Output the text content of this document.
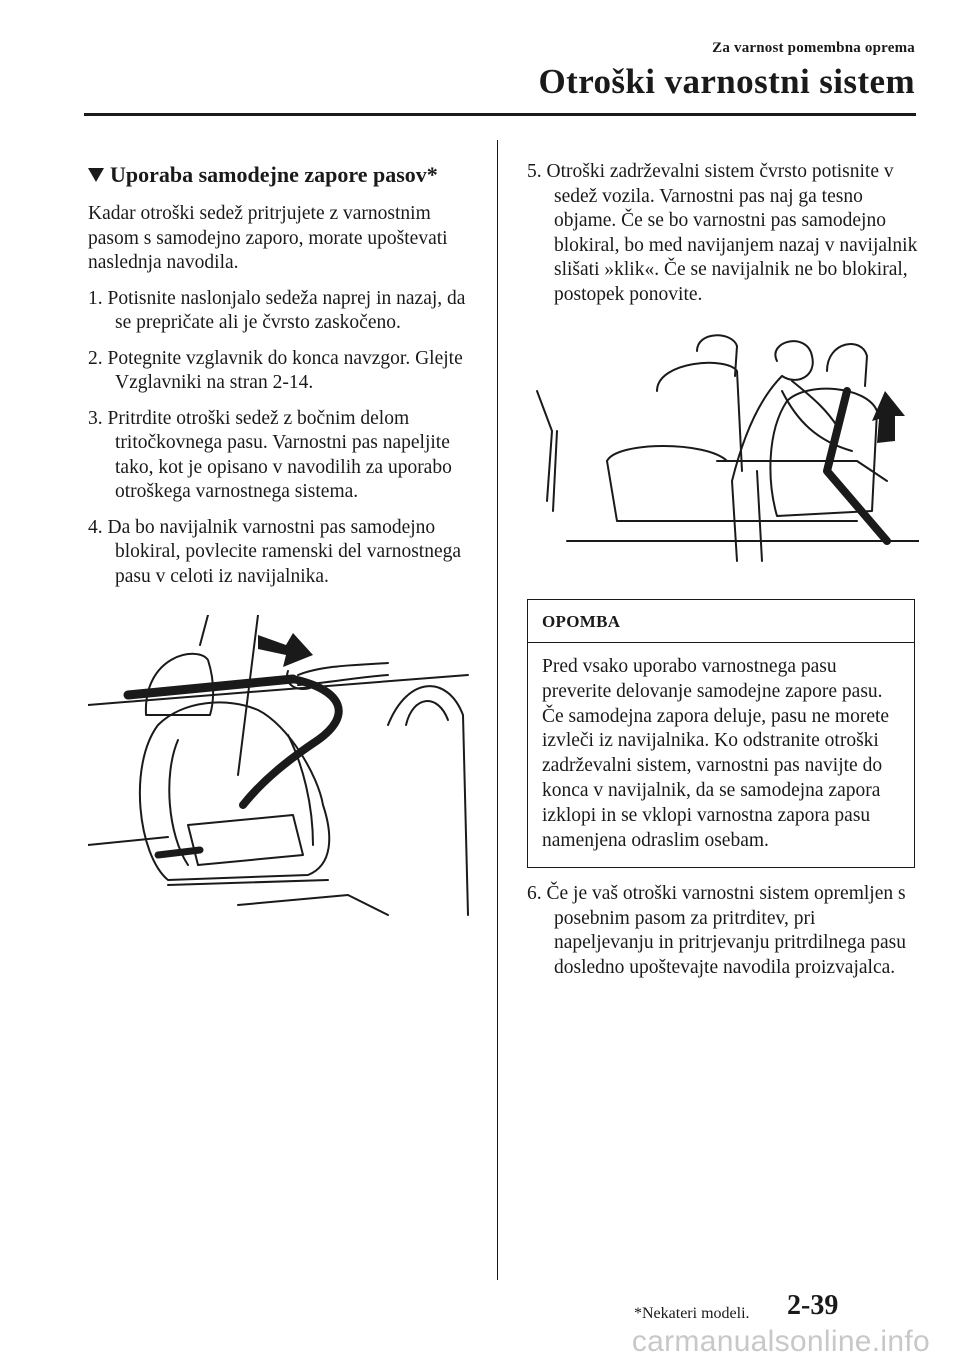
Za varnost pomembna oprema
Otroški varnostni sistem
Uporaba samodejne zapore pasov*

Kadar otroški sedež pritrjujete z varnostnim pasom s samodejno zaporo, morate upoštevati naslednja navodila.

1. Potisnite naslonjalo sedeža naprej in nazaj, da se prepričate ali je čvrsto zaskočeno.
2. Potegnite vzglavnik do konca navzgor. Glejte Vzglavniki na stran 2-14.
3. Pritrdite otroški sedež z bočnim delom tritočkovnega pasu. Varnostni pas napeljite tako, kot je opisano v navodilih za uporabo otroškega varnostnega sistema.
4. Da bo navijalnik varnostni pas samodejno blokiral, povlecite ramenski del varnostnega pasu v celoti iz navijalnika.
5. Otroški zadrževalni sistem čvrsto potisnite v sedež vozila. Varnostni pas naj ga tesno objame. Če se bo varnostni pas samodejno blokiral, bo med navijanjem nazaj v navijalnik slišati »klik«. Če se navijalnik ne bo blokiral, postopek ponovite.
OPOMBA
Pred vsako uporabo varnostnega pasu preverite delovanje samodejne zapore pasu. Če samodejna zapora deluje, pasu ne morete izvleči iz navijalnika. Ko odstranite otroški zadrževalni sistem, varnostni pas navijte do konca v navijalnik, da se samodejna zapora izklopi in se vklopi varnostna zapora pasu namenjena odraslim osebam.
6. Če je vaš otroški varnostni sistem opremljen s posebnim pasom za pritrditev, pri napeljevanju in pritrjevanju pritrdilnega pasu dosledno upoštevajte navodila proizvajalca.
*Nekateri modeli. 2-39
carmanualsonline.info
